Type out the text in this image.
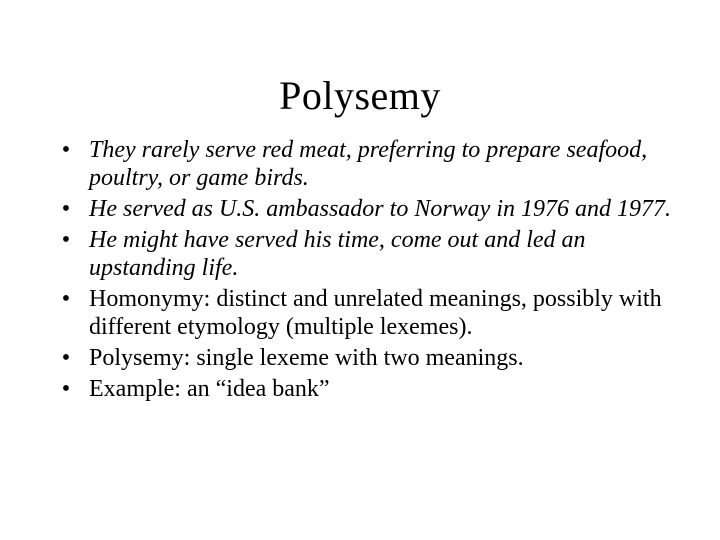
Polysemy
• They rarely serve red meat, preferring to prepare seafood, poultry, or game birds.
• He served as U.S. ambassador to Norway in 1976 and 1977.
• He might have served his time, come out and led an upstanding life.
• Homonymy: distinct and unrelated meanings, possibly with different etymology (multiple lexemes).
• Polysemy: single lexeme with two meanings.
• Example: an “idea bank”
